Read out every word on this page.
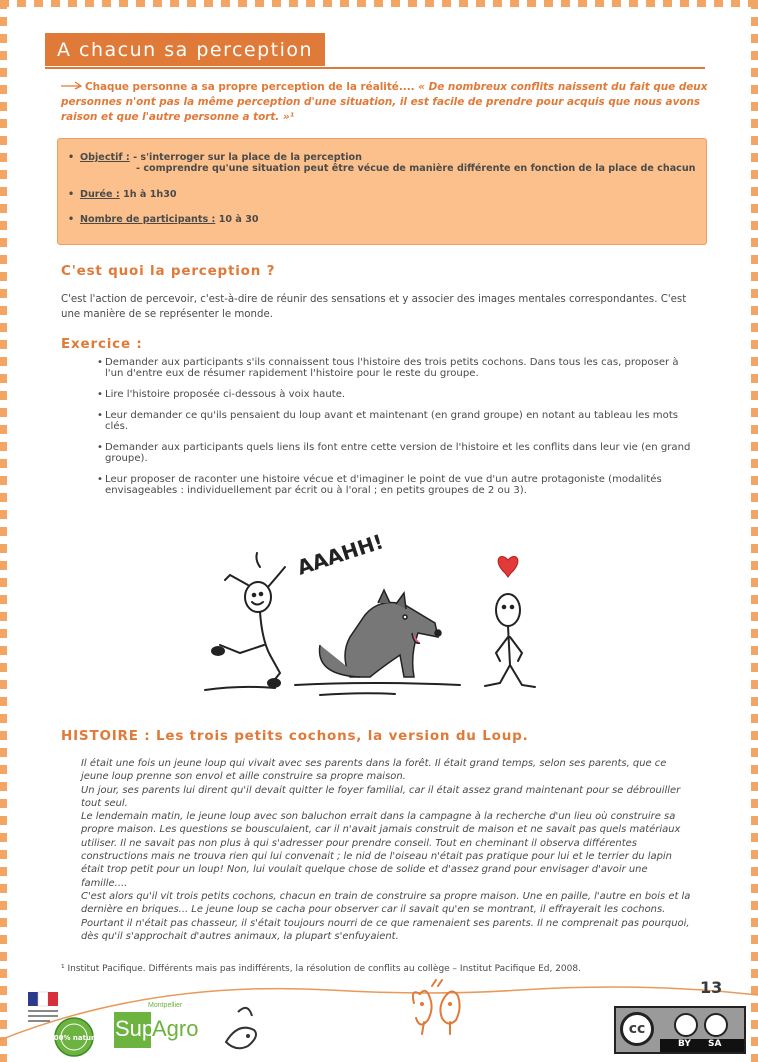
A chacun sa perception
Chaque personne a sa propre perception de la réalité.... « De nombreux conflits naissent du fait que deux personnes n'ont pas la même perception d'une situation, il est facile de prendre pour acquis que nous avons raison et que l'autre personne a tort. »¹
• Objectif : - s'interroger sur la place de la perception
- comprendre qu'une situation peut être vécue de manière différente en fonction de la place de chacun
• Durée : 1h à 1h30
• Nombre de participants : 10 à 30
C'est quoi la perception ?
C'est l'action de percevoir, c'est-à-dire de réunir des sensations et y associer des images mentales correspondantes. C'est une manière de se représenter le monde.
Exercice :
• Demander aux participants s'ils connaissent tous l'histoire des trois petits cochons. Dans tous les cas, proposer à l'un d'entre eux de résumer rapidement l'histoire pour le reste du groupe.
• Lire l'histoire proposée ci-dessous à voix haute.
• Leur demander ce qu'ils pensaient du loup avant et maintenant (en grand groupe) en notant au tableau les mots clés.
• Demander aux participants quels liens ils font entre cette version de l'histoire et les conflits dans leur vie (en grand groupe).
• Leur proposer de raconter une histoire vécue et d'imaginer le point de vue d'un autre protagoniste (modalités envisageables : individuellement par écrit ou à l'oral ; en petits groupes de 2 ou 3).
AAAHH!
HISTOIRE : Les trois petits cochons, la version du Loup.

Il était une fois un jeune loup qui vivait avec ses parents dans la forêt. Il était grand temps, selon ses parents, que ce jeune loup prenne son envol et aille construire sa propre maison.

Un jour, ses parents lui dirent qu'il devait quitter le foyer familial, car il était assez grand maintenant pour se débrouiller tout seul.

Le lendemain matin, le jeune loup avec son baluchon errait dans la campagne à la recherche d'un lieu où construire sa propre maison. Les questions se bousculaient, car il n'avait jamais construit de maison et ne savait pas quels matériaux utiliser. Il ne savait pas non plus à qui s'adresser pour prendre conseil. Tout en cheminant il observa différentes constructions mais ne trouva rien qui lui convenait ; le nid de l'oiseau n'était pas pratique pour lui et le terrier du lapin était trop petit pour un loup! Non, lui voulait quelque chose de solide et d'assez grand pour envisager d'avoir une famille....

C'est alors qu'il vit trois petits cochons, chacun en train de construire sa propre maison. Une en paille, l'autre en bois et la dernière en briques... Le jeune loup se cacha pour observer car il savait qu'en se montrant, il effrayerait les cochons. Pourtant il n'était pas chasseur, il s'était toujours nourri de ce que ramenaient ses parents. Il ne comprenait pas pourquoi, dès qu'il s'approchait d'autres animaux, la plupart s'enfuyaient.

¹ Institut Pacifique. Différents mais pas indifférents, la résolution de conflits au collège – Institut Pacifique Ed, 2008.
13
100% nature
Montpellier
Sup
Agro	cc
BY SA
